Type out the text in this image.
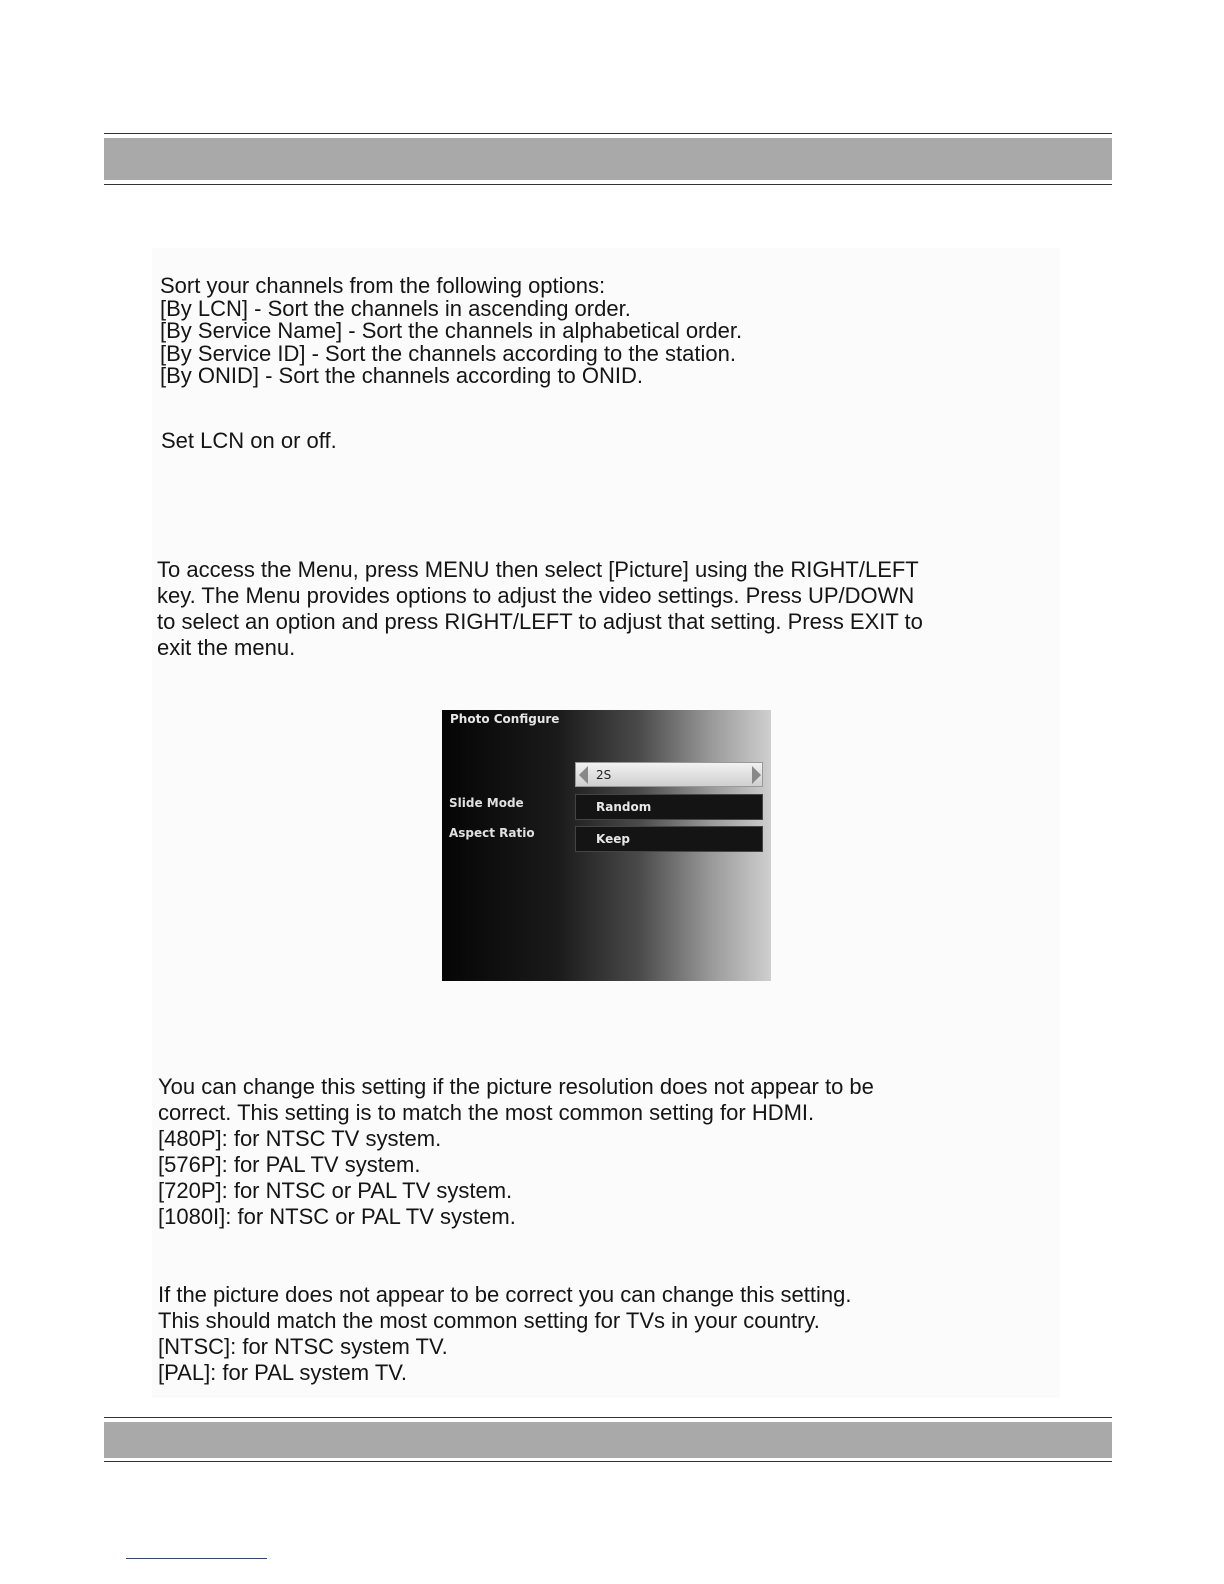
Sort your channels from the following options:
[By LCN] - Sort the channels in ascending order.
[By Service Name] - Sort the channels in alphabetical order.
[By Service ID] - Sort the channels according to the station.
[By ONID] - Sort the channels according to ONID.
Set LCN on or off.
To access the Menu, press MENU then select [Picture] using the RIGHT/LEFT
key. The Menu provides options to adjust the video settings. Press UP/DOWN
to select an option and press RIGHT/LEFT to adjust that setting. Press EXIT to
exit the menu.
Photo Configure
2S
Slide Mode	Random
Aspect Ratio	Keep
You can change this setting if the picture resolution does not appear to be
correct. This setting is to match the most common setting for HDMI.
[480P]: for NTSC TV system.
[576P]: for PAL TV system.
[720P]: for NTSC or PAL TV system.
[1080I]: for NTSC or PAL TV system.
If the picture does not appear to be correct you can change this setting.
This should match the most common setting for TVs in your country.
[NTSC]: for NTSC system TV.
[PAL]: for PAL system TV.
